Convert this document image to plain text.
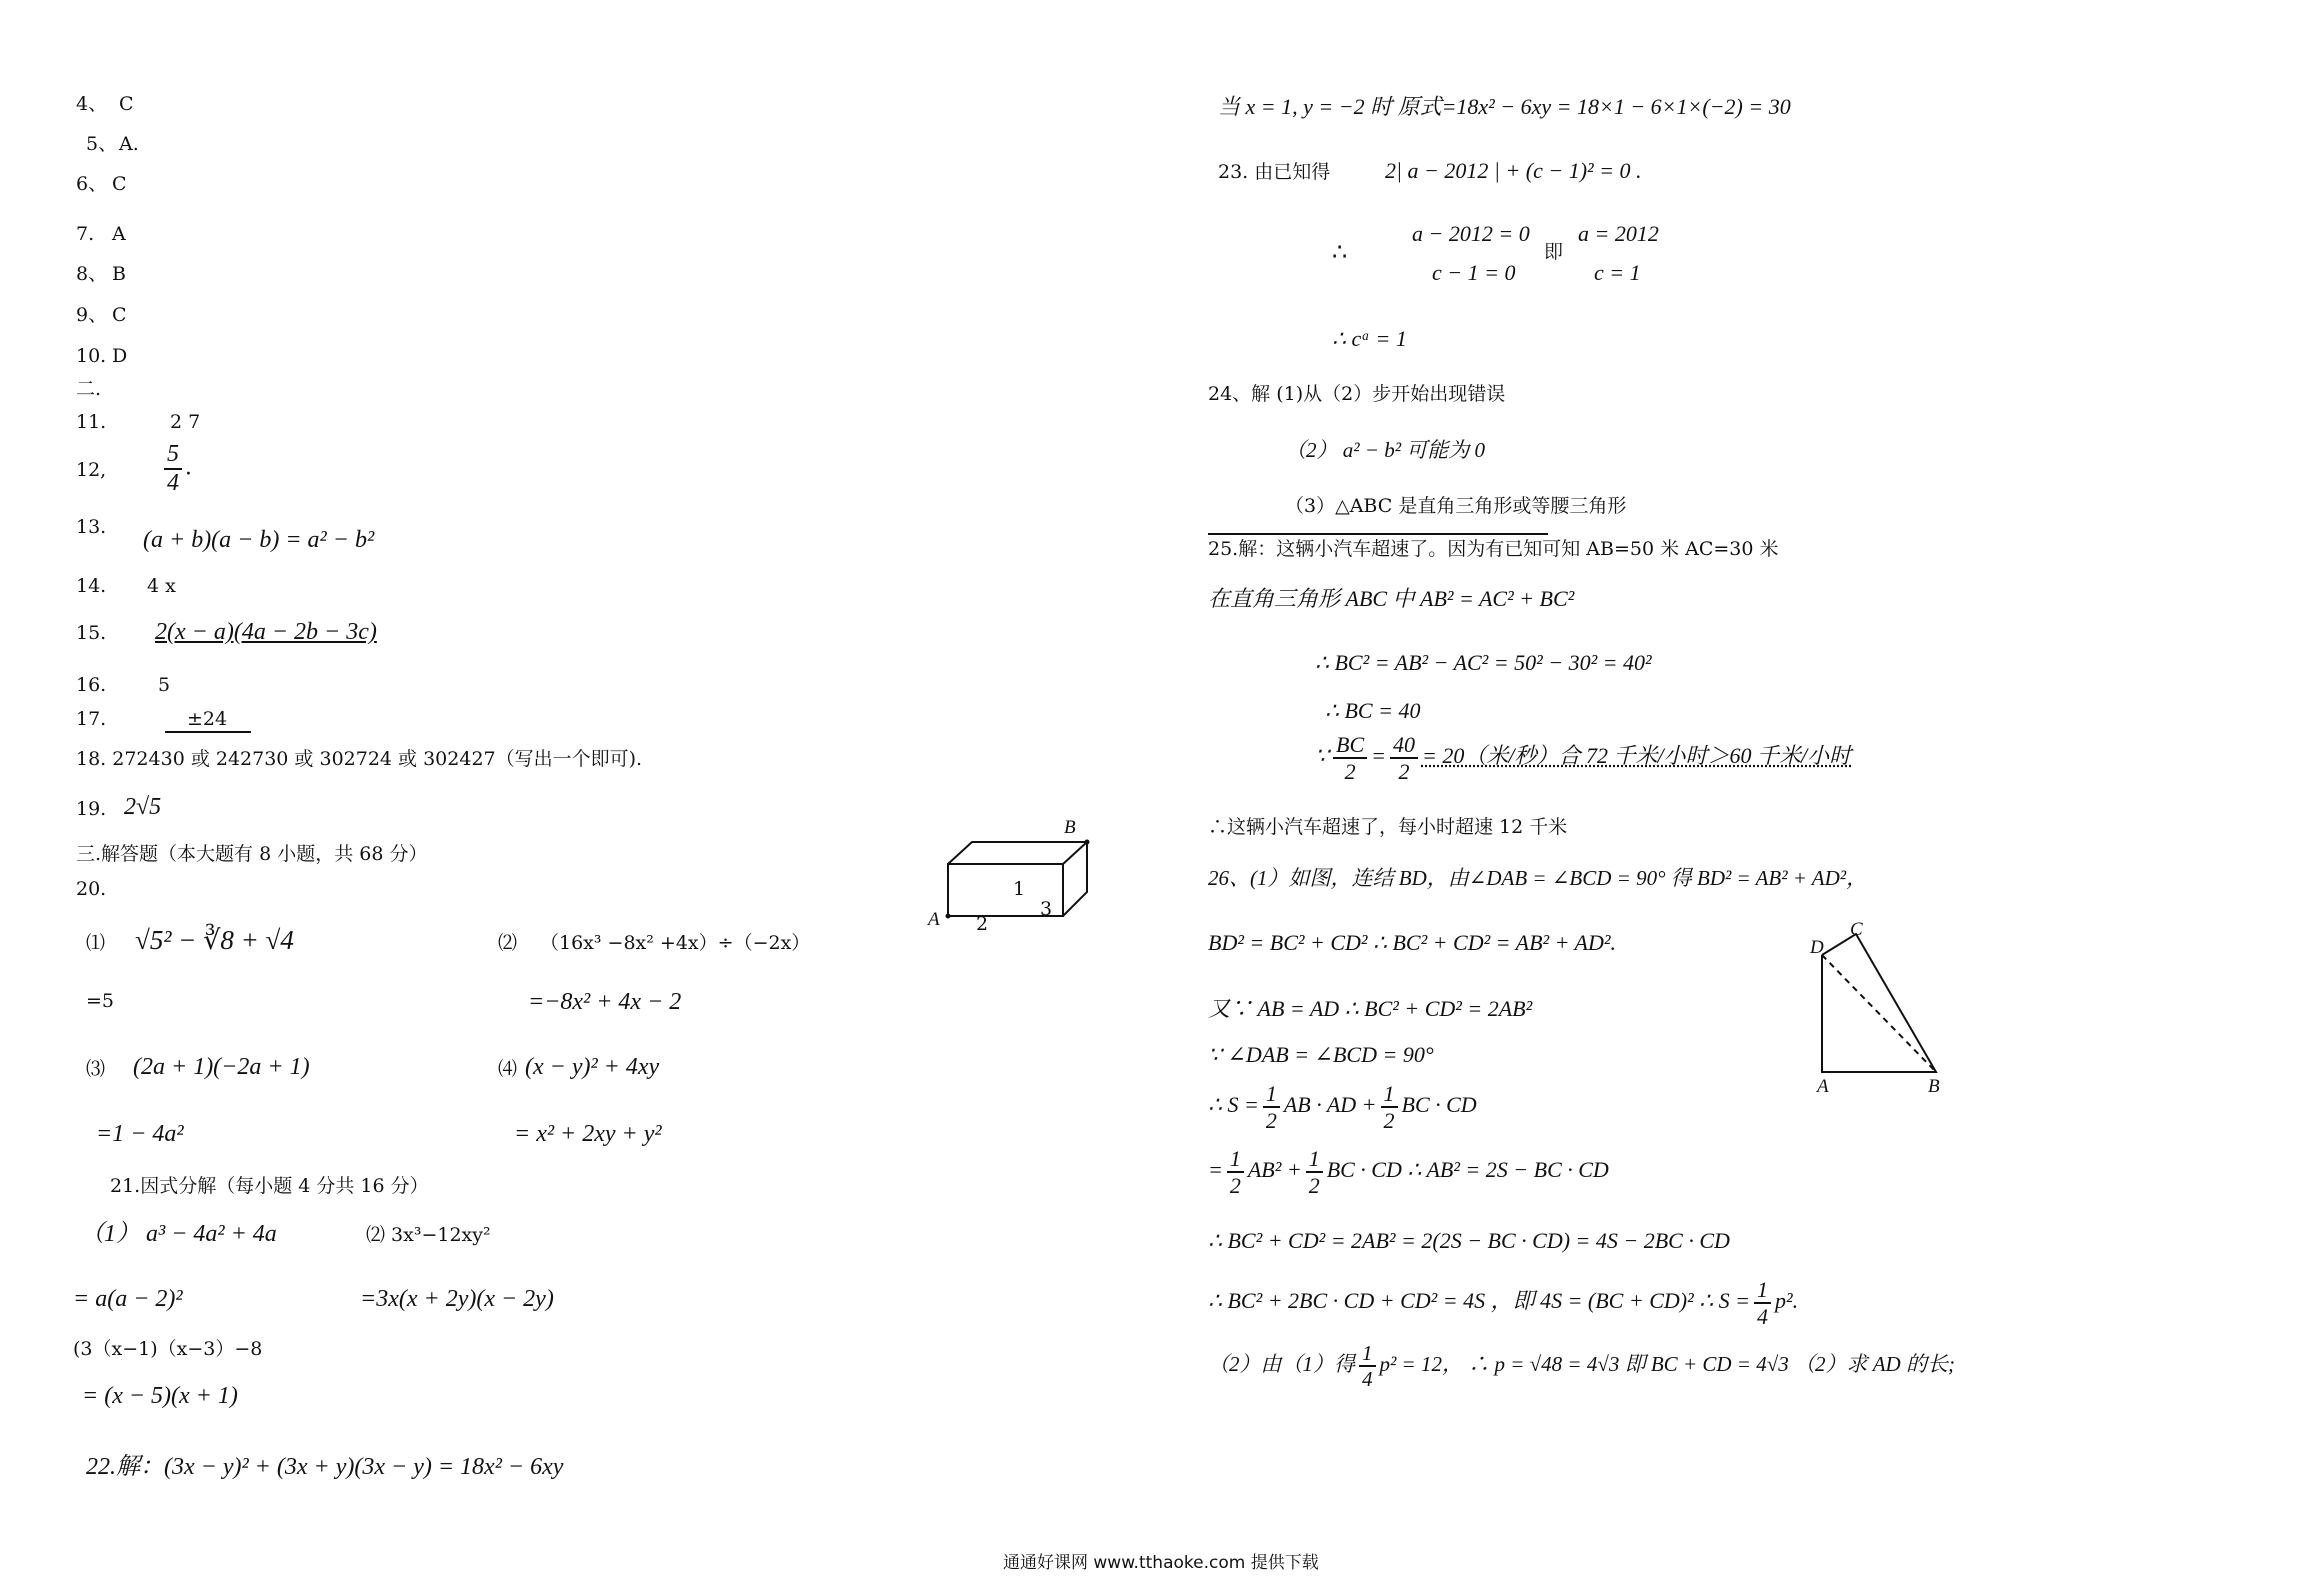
4、 C
5、 A.
6、 C
7. A
8、 B
9、 C
10. D
二.
11.	2 7
12, $\frac{5}{4}$ .
13. (a + b)(a − b) = a² − b²
14. 4 x
15. 2(x − a)(4a − 2b − 3c)
16.	5
17.	±24
18. 272430 或 242730 或 302724 或 302427（写出一个即可).
19. 2√5
三.解答题（本大题有 8 小题，共 68 分）
20.
⑴ √5² − ∛8 + √4
=5
⑵ （16x³ −8x² +4x）÷（−2x）
=−8x² + 4x − 2
⑶ (2a + 1)(−2a + 1)
=1 − 4a²
⑷ (x − y)² + 4xy
= x² + 2xy + y²
21.因式分解（每小题 4 分共 16 分）
（1） a³ − 4a² + 4a	⑵ 3x³−12xy²
= a(a − 2)²	=3x(x + 2y)(x − 2y)
(3（x−1)（x−3）−8
= (x − 5)(x + 1)
22.解：(3x − y)² + (3x + y)(3x − y) = 18x² − 6xy
B
A
1
2
3
当 x = 1, y = −2 时 原式=18x² − 6xy = 18×1 − 6×1×(−2) = 30
23. 由已知得 2| a − 2012 | + (c − 1)² = 0 .
∴
a − 2012 = 0
c − 1 = 0
即
a = 2012
c = 1
∴ cᵃ = 1
24、解 (1)从（2）步开始出现错误
（2） a² − b² 可能为 0
（3）△ABC 是直角三角形或等腰三角形
25.解：这辆小汽车超速了。因为有已知可知 AB=50 米 AC=30 米
在直角三角形 ABC 中 AB² = AC² + BC²
∴ BC² = AB² − AC² = 50² − 30² = 40²
∴ BC = 40
∵ $\frac{BC}{2} = \frac{40}{2} = 20$（米/秒）合 72 千米/小时＞60 千米/小时
∴这辆小汽车超速了，每小时超速 12 千米
26、(1）如图，连结 BD，由∠DAB = ∠BCD = 90° 得 BD² = AB² + AD²，
BD² = BC² + CD² ∴ BC² + CD² = AB² + AD².
又∵ AB = AD ∴ BC² + CD² = 2AB²
∵ ∠DAB = ∠BCD = 90°
∴ $S = \frac{1}{2}$ AB · AD + $\frac{1}{2}$ BC · CD
= $\frac{1}{2} AB^2 + \frac{1}{2}$ BC · CD ∴ AB² = 2S − BC · CD
∴ BC² + CD² = 2AB² = 2(2S − BC · CD) = 4S − 2BC · CD
∴ BC² + 2BC · CD + CD² = 4S ，即 4S = (BC + CD)² ∴ $S = \frac{1}{4} p^2$.
（2）由（1）得 $\frac{1}{4} p^2 = 12$， ∴ p = √48 = 4√3 即 BC + CD = 4√3 （2）求 AD 的长;
D
C
A	B
通通好课网 www.tthaoke.com 提供下载
